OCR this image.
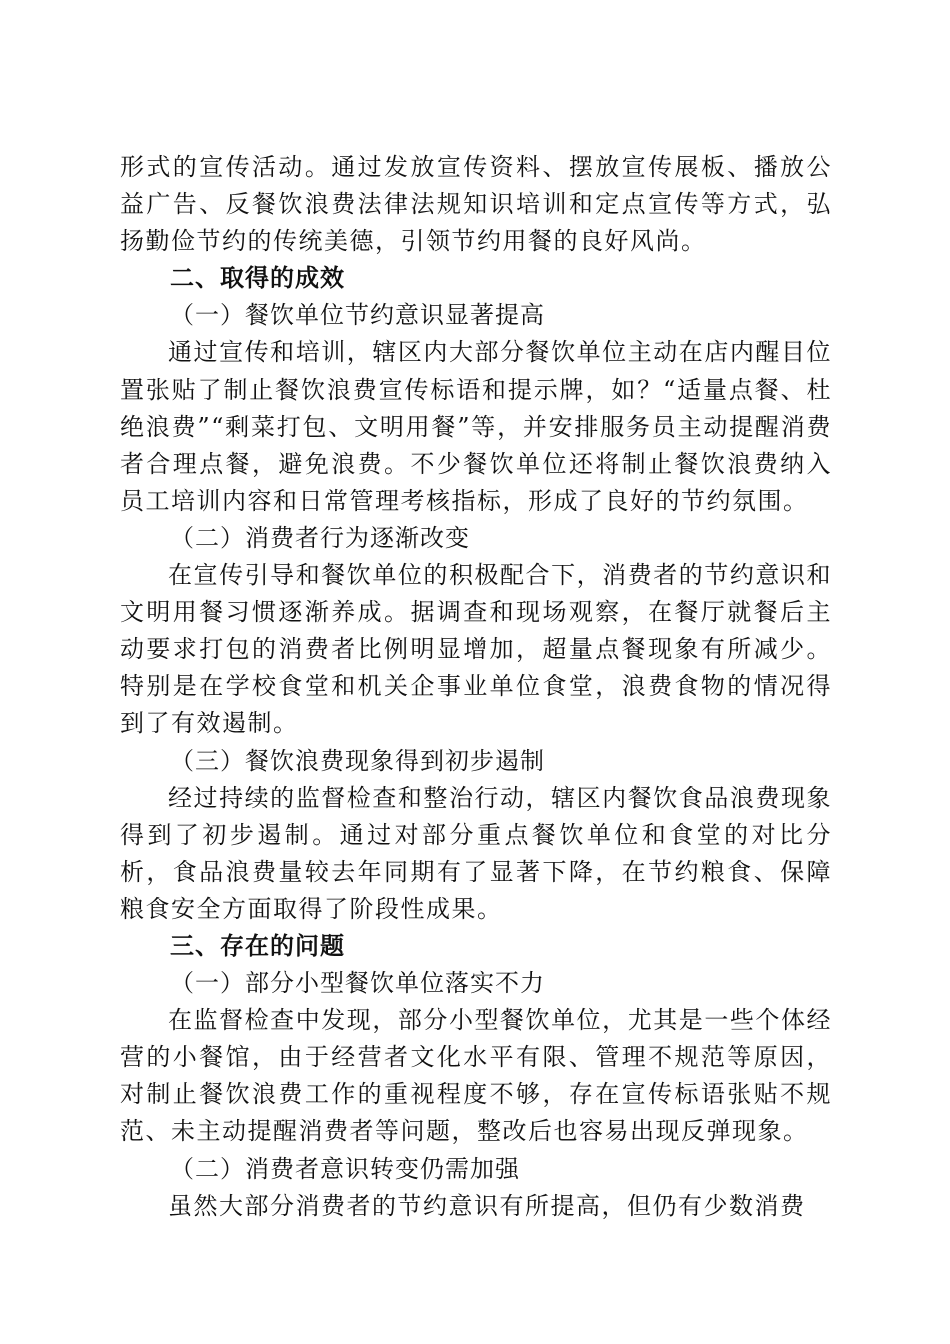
形式的宣传活动。通过发放宣传资料、摆放宣传展板、播放公益广告、反餐饮浪费法律法规知识培训和定点宣传等方式，弘扬勤俭节约的传统美德，引领节约用餐的良好风尚。

二、取得的成效

（一）餐饮单位节约意识显著提高

通过宣传和培训，辖区内大部分餐饮单位主动在店内醒目位置张贴了制止餐饮浪费宣传标语和提示牌，如？“适量点餐、杜绝浪费”“剩菜打包、文明用餐”等，并安排服务员主动提醒消费者合理点餐，避免浪费。不少餐饮单位还将制止餐饮浪费纳入员工培训内容和日常管理考核指标，形成了良好的节约氛围。

（二）消费者行为逐渐改变

在宣传引导和餐饮单位的积极配合下，消费者的节约意识和文明用餐习惯逐渐养成。据调查和现场观察，在餐厅就餐后主动要求打包的消费者比例明显增加，超量点餐现象有所减少。特别是在学校食堂和机关企事业单位食堂，浪费食物的情况得到了有效遏制。

（三）餐饮浪费现象得到初步遏制

经过持续的监督检查和整治行动，辖区内餐饮食品浪费现象得到了初步遏制。通过对部分重点餐饮单位和食堂的对比分析，食品浪费量较去年同期有了显著下降，在节约粮食、保障粮食安全方面取得了阶段性成果。

三、存在的问题

（一）部分小型餐饮单位落实不力

在监督检查中发现，部分小型餐饮单位，尤其是一些个体经营的小餐馆，由于经营者文化水平有限、管理不规范等原因，对制止餐饮浪费工作的重视程度不够，存在宣传标语张贴不规范、未主动提醒消费者等问题，整改后也容易出现反弹现象。

（二）消费者意识转变仍需加强

虽然大部分消费者的节约意识有所提高，但仍有少数消费
